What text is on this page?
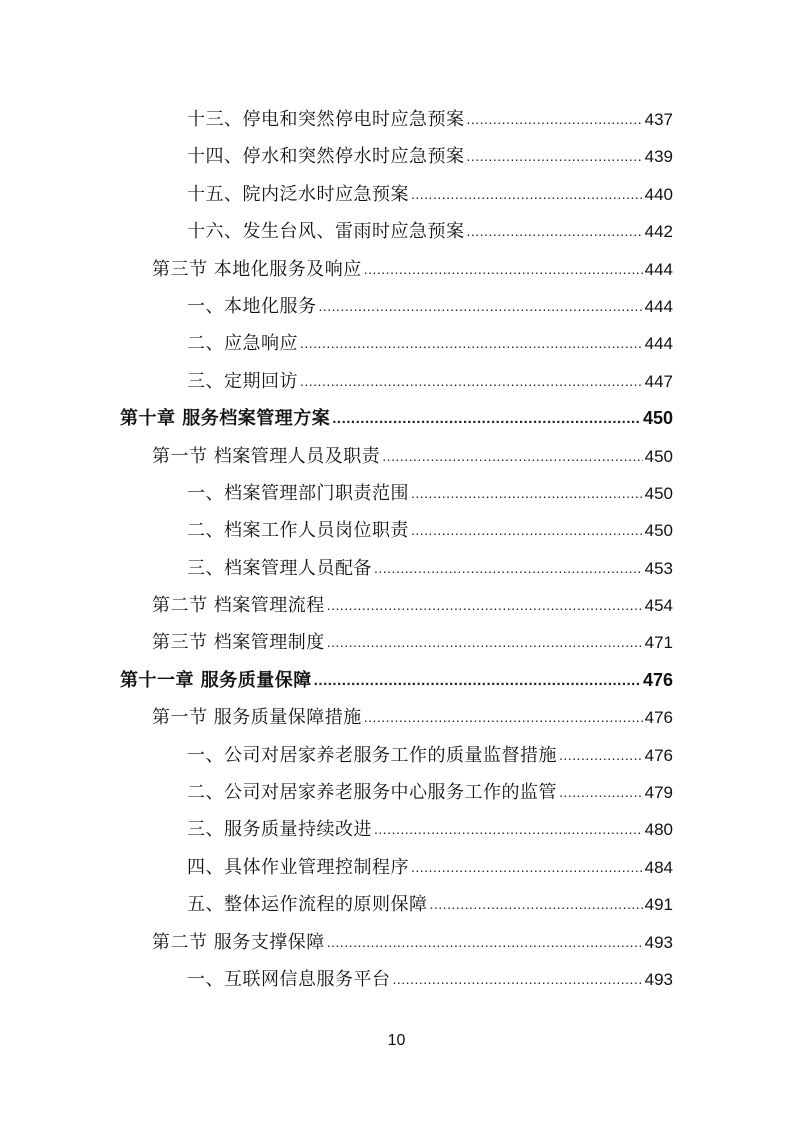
十三、停电和突然停电时应急预案 .....	437
十四、停水和突然停水时应急预案 .....	439
十五、院内泛水时应急预案 .....	440
十六、发生台风、雷雨时应急预案 .....	442
第三节 本地化服务及响应 .....	444
一、本地化服务 .....	444
二、应急响应 .....	444
三、定期回访 .....	447
第十章 服务档案管理方案 .....	450
第一节 档案管理人员及职责 .....	450
一、档案管理部门职责范围 .....	450
二、档案工作人员岗位职责 .....	450
三、档案管理人员配备 .....	453
第二节 档案管理流程 .....	454
第三节 档案管理制度 .....	471
第十一章 服务质量保障 .....	476
第一节 服务质量保障措施 .....	476
一、公司对居家养老服务工作的质量监督措施 .....	476
二、公司对居家养老服务中心服务工作的监管 .....	479
三、服务质量持续改进 .....	480
四、具体作业管理控制程序 .....	484
五、整体运作流程的原则保障 .....	491
第二节 服务支撑保障 .....	493
一、互联网信息服务平台 .....	493
10
